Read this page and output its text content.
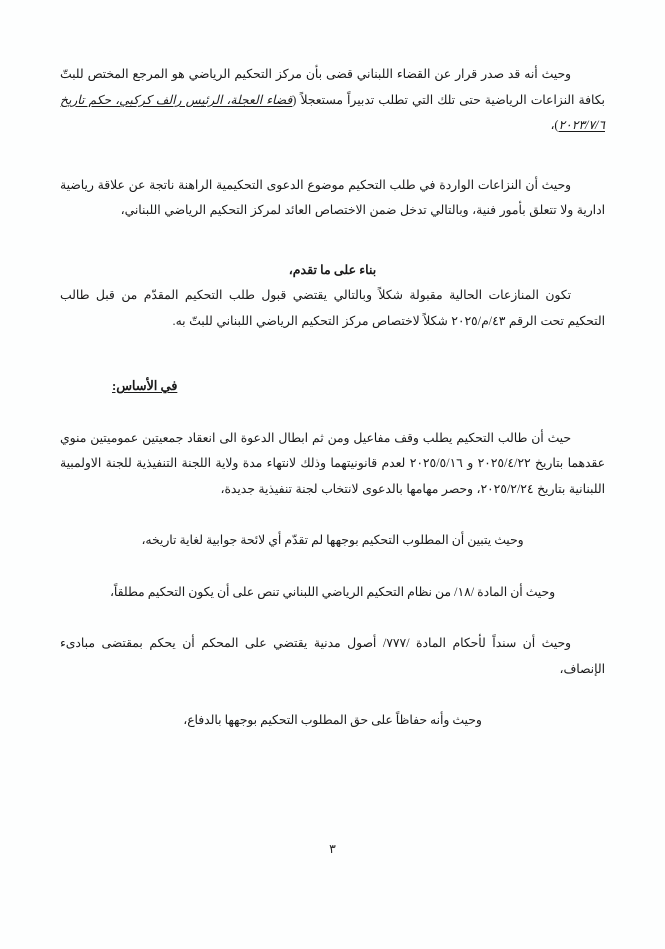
وحيث أنه قد صدر قرار عن القضاء اللبناني قضى بأن مركز التحكيم الرياضي هو المرجع المختص للبتّ بكافة النزاعات الرياضية حتى تلك التي تطلب تدبيراً مستعجلاً (قضاء العجلة، الرئيس رالف كركبي، حكم تاريخ ٢٠٢٣/٧/٦)،

وحيث أن النزاعات الواردة في طلب التحكيم موضوع الدعوى التحكيمية الراهنة ناتجة عن علاقة رياضية ادارية ولا تتعلق بأمور فنية، وبالتالي تدخل ضمن الاختصاص العائد لمركز التحكيم الرياضي اللبناني،

بناء على ما تقدم،

تكون المنازعات الحالية مقبولة شكلاً وبالتالي يقتضي قبول طلب التحكيم المقدّم من قبل طالب التحكيم تحت الرقم ٤٣/م/٢٠٢٥ شكلاً لاختصاص مركز التحكيم الرياضي اللبناني للبتّ به.

في الأساس:

حيث أن طالب التحكيم يطلب وقف مفاعيل ومن ثم ابطال الدعوة الى انعقاد جمعيتين عموميتين منوي عقدهما بتاريخ ٢٠٢٥/٤/٢٢ و ٢٠٢٥/٥/١٦ لعدم قانونيتهما وذلك لانتهاء مدة ولاية اللجنة التنفيذية للجنة الاولمبية اللبنانية بتاريخ ٢٠٢٥/٢/٢٤، وحصر مهامها بالدعوى لانتخاب لجنة تنفيذية جديدة،

وحيث يتبين أن المطلوب التحكيم بوجهها لم تقدّم أي لائحة جوابية لغاية تاريخه،

وحيث أن المادة /١٨/ من نظام التحكيم الرياضي اللبناني تنص على أن يكون التحكيم مطلقاً،

وحيث أن سنداً لأحكام المادة /٧٧٧/ أصول مدنية يقتضي على المحكم أن يحكم بمقتضى مبادىء الإنصاف،

وحيث وأنه حفاظاً على حق المطلوب التحكيم بوجهها بالدفاع،

٣
